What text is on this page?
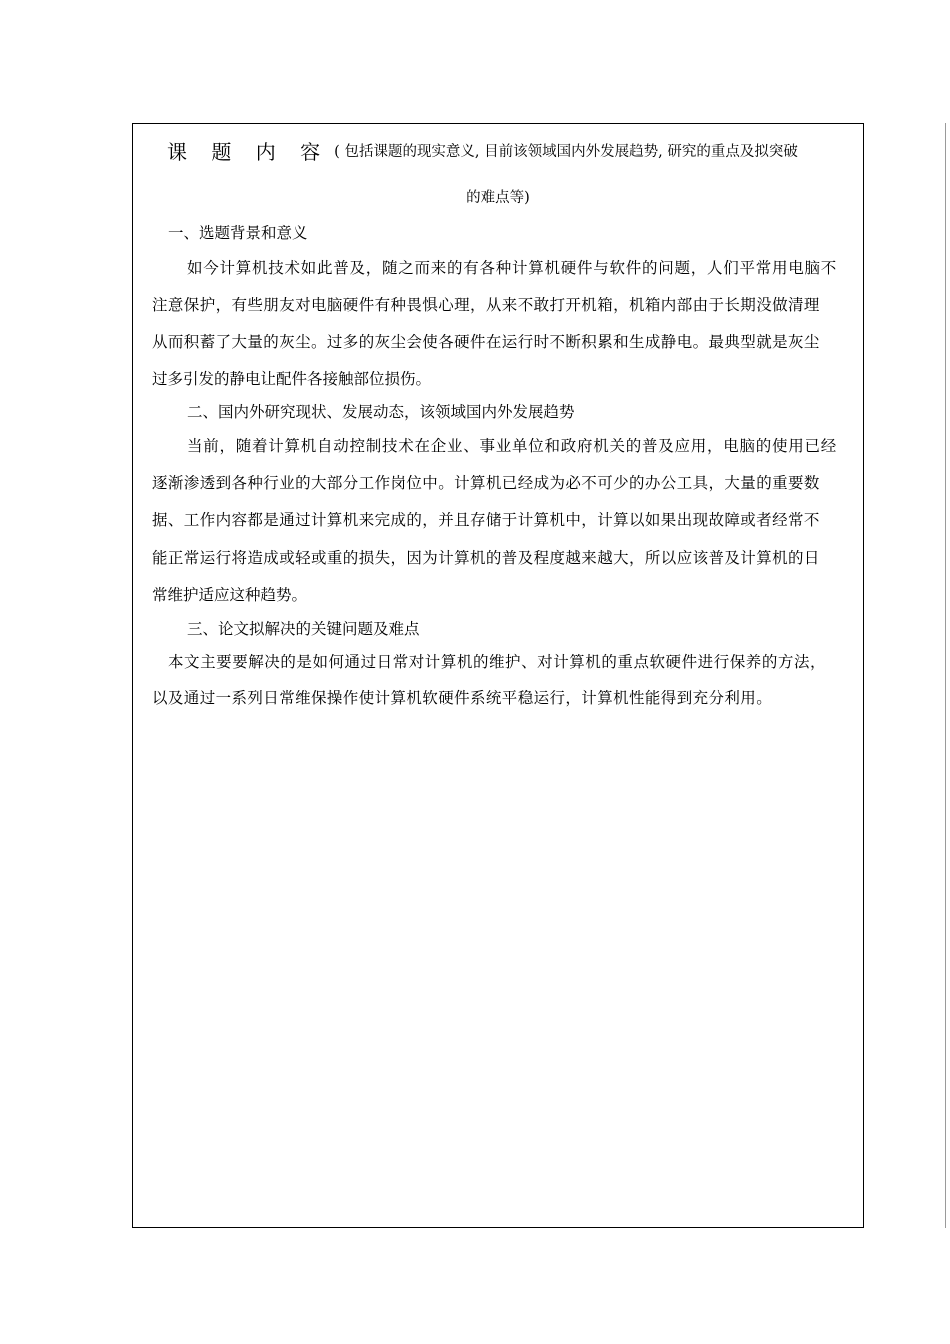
课 题 内 容 ( 包括课题的现实意义, 目前该领域国内外发展趋势, 研究的重点及拟突破
的难点等)
一、选题背景和意义
如今计算机技术如此普及，随之而来的有各种计算机硬件与软件的问题，人们平常用电脑不
注意保护，有些朋友对电脑硬件有种畏惧心理，从来不敢打开机箱，机箱内部由于长期没做清理
从而积蓄了大量的灰尘。过多的灰尘会使各硬件在运行时不断积累和生成静电。最典型就是灰尘
过多引发的静电让配件各接触部位损伤。
二、国内外研究现状、发展动态，该领域国内外发展趋势
当前，随着计算机自动控制技术在企业、事业单位和政府机关的普及应用，电脑的使用已经
逐渐渗透到各种行业的大部分工作岗位中。计算机已经成为必不可少的办公工具，大量的重要数
据、工作内容都是通过计算机来完成的，并且存储于计算机中，计算以如果出现故障或者经常不
能正常运行将造成或轻或重的损失，因为计算机的普及程度越来越大，所以应该普及计算机的日
常维护适应这种趋势。
三、论文拟解决的关键问题及难点
本文主要要解决的是如何通过日常对计算机的维护、对计算机的重点软硬件进行保养的方法，
以及通过一系列日常维保操作使计算机软硬件系统平稳运行，计算机性能得到充分利用。
